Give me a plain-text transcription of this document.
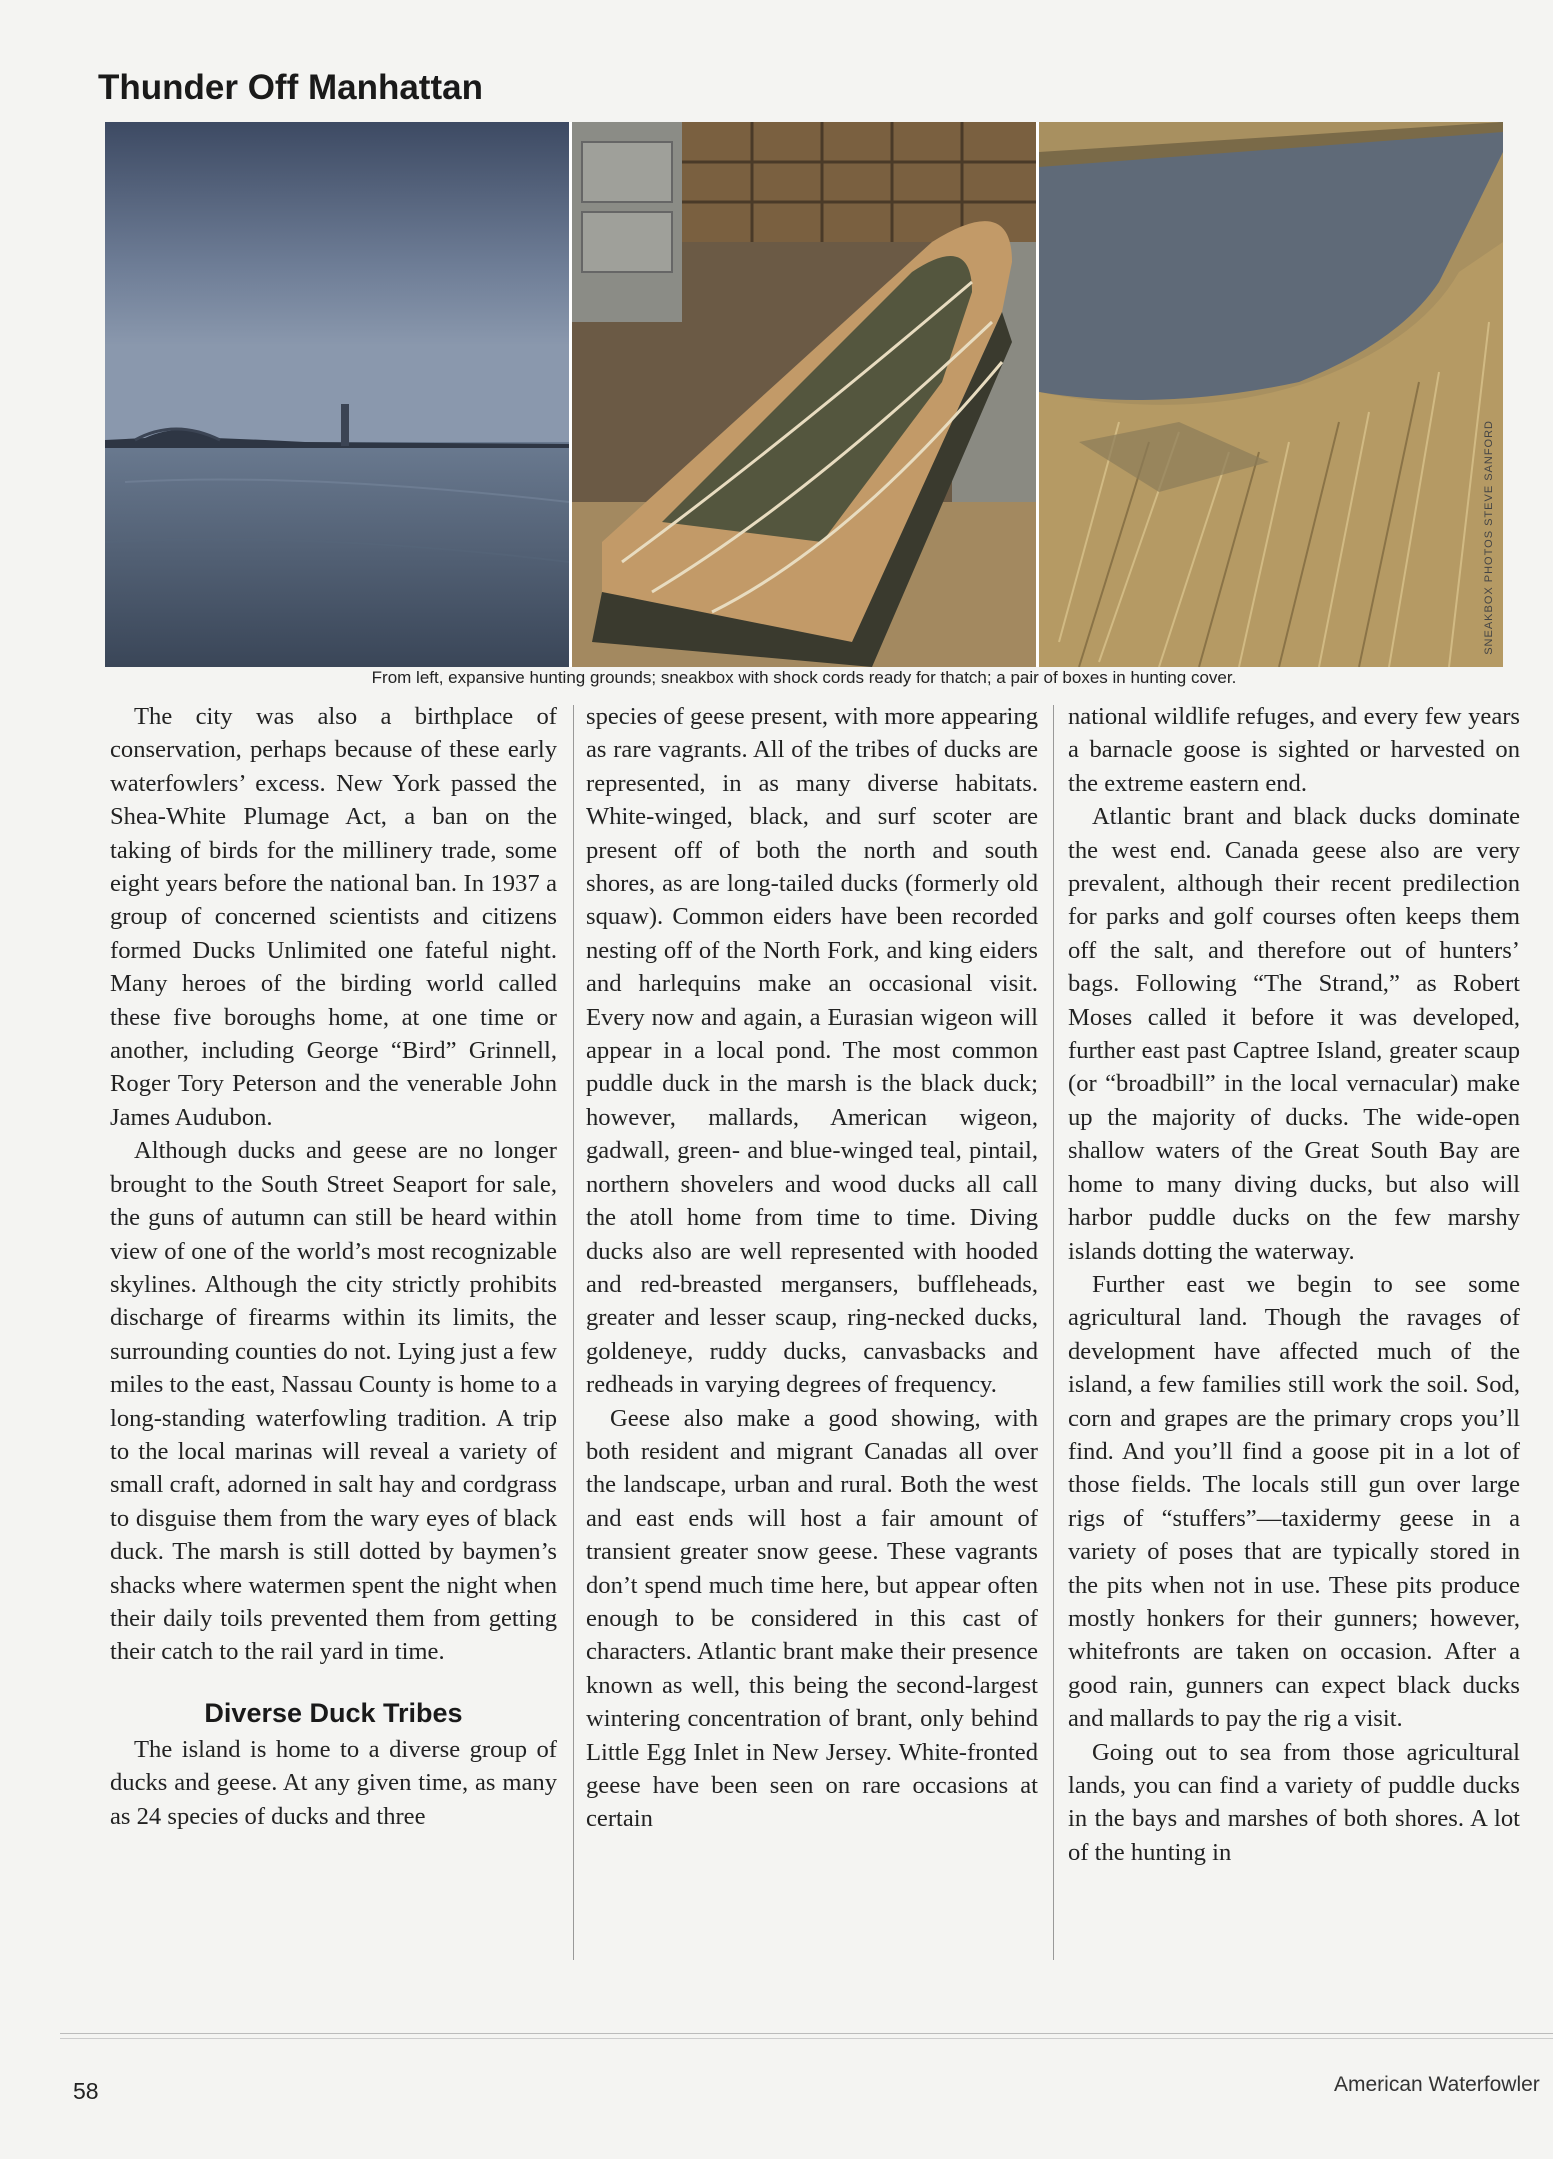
Thunder Off Manhattan
SNEAKBOX PHOTOS STEVE SANFORD
From left, expansive hunting grounds; sneakbox with shock cords ready for thatch; a pair of boxes in hunting cover.

The city was also a birthplace of conservation, perhaps because of these early waterfowlers’ excess. New York passed the Shea-White Plumage Act, a ban on the taking of birds for the millinery trade, some eight years before the national ban. In 1937 a group of concerned scientists and citizens formed Ducks Unlimited one fateful night. Many heroes of the birding world called these five boroughs home, at one time or another, including George “Bird” Grinnell, Roger Tory Peterson and the venerable John James Audubon.

Although ducks and geese are no longer brought to the South Street Seaport for sale, the guns of autumn can still be heard within view of one of the world’s most recognizable skylines. Although the city strictly prohibits discharge of firearms within its limits, the surrounding counties do not. Lying just a few miles to the east, Nassau County is home to a long-standing waterfowling tradition. A trip to the local marinas will reveal a variety of small craft, adorned in salt hay and cordgrass to disguise them from the wary eyes of black duck. The marsh is still dotted by baymen’s shacks where watermen spent the night when their daily toils prevented them from getting their catch to the rail yard in time.

Diverse Duck Tribes

The island is home to a diverse group of ducks and geese. At any given time, as many as 24 species of ducks and three

species of geese present, with more appearing as rare vagrants. All of the tribes of ducks are represented, in as many diverse habitats. White-winged, black, and surf scoter are present off of both the north and south shores, as are long-tailed ducks (formerly old squaw). Common eiders have been recorded nesting off of the North Fork, and king eiders and harlequins make an occasional visit. Every now and again, a Eurasian wigeon will appear in a local pond. The most common puddle duck in the marsh is the black duck; however, mallards, American wigeon, gadwall, green- and blue-winged teal, pintail, northern shovelers and wood ducks all call the atoll home from time to time. Diving ducks also are well represented with hooded and red-breasted mergansers, buffleheads, greater and lesser scaup, ring-necked ducks, goldeneye, ruddy ducks, canvasbacks and redheads in varying degrees of frequency.

Geese also make a good showing, with both resident and migrant Canadas all over the landscape, urban and rural. Both the west and east ends will host a fair amount of transient greater snow geese. These vagrants don’t spend much time here, but appear often enough to be considered in this cast of characters. Atlantic brant make their presence known as well, this being the second-largest wintering concentration of brant, only behind Little Egg Inlet in New Jersey. White-fronted geese have been seen on rare occasions at certain

national wildlife refuges, and every few years a barnacle goose is sighted or harvested on the extreme eastern end.

Atlantic brant and black ducks dominate the west end. Canada geese also are very prevalent, although their recent predilection for parks and golf courses often keeps them off the salt, and therefore out of hunters’ bags. Following “The Strand,” as Robert Moses called it before it was developed, further east past Captree Island, greater scaup (or “broadbill” in the local vernacular) make up the majority of ducks. The wide-open shallow waters of the Great South Bay are home to many diving ducks, but also will harbor puddle ducks on the few marshy islands dotting the waterway.

Further east we begin to see some agricultural land. Though the ravages of development have affected much of the island, a few families still work the soil. Sod, corn and grapes are the primary crops you’ll find. And you’ll find a goose pit in a lot of those fields. The locals still gun over large rigs of “stuffers”—taxidermy geese in a variety of poses that are typically stored in the pits when not in use. These pits produce mostly honkers for their gunners; however, whitefronts are taken on occasion. After a good rain, gunners can expect black ducks and mallards to pay the rig a visit.

Going out to sea from those agricultural lands, you can find a variety of puddle ducks in the bays and marshes of both shores. A lot of the hunting in

58	American Waterfowler
